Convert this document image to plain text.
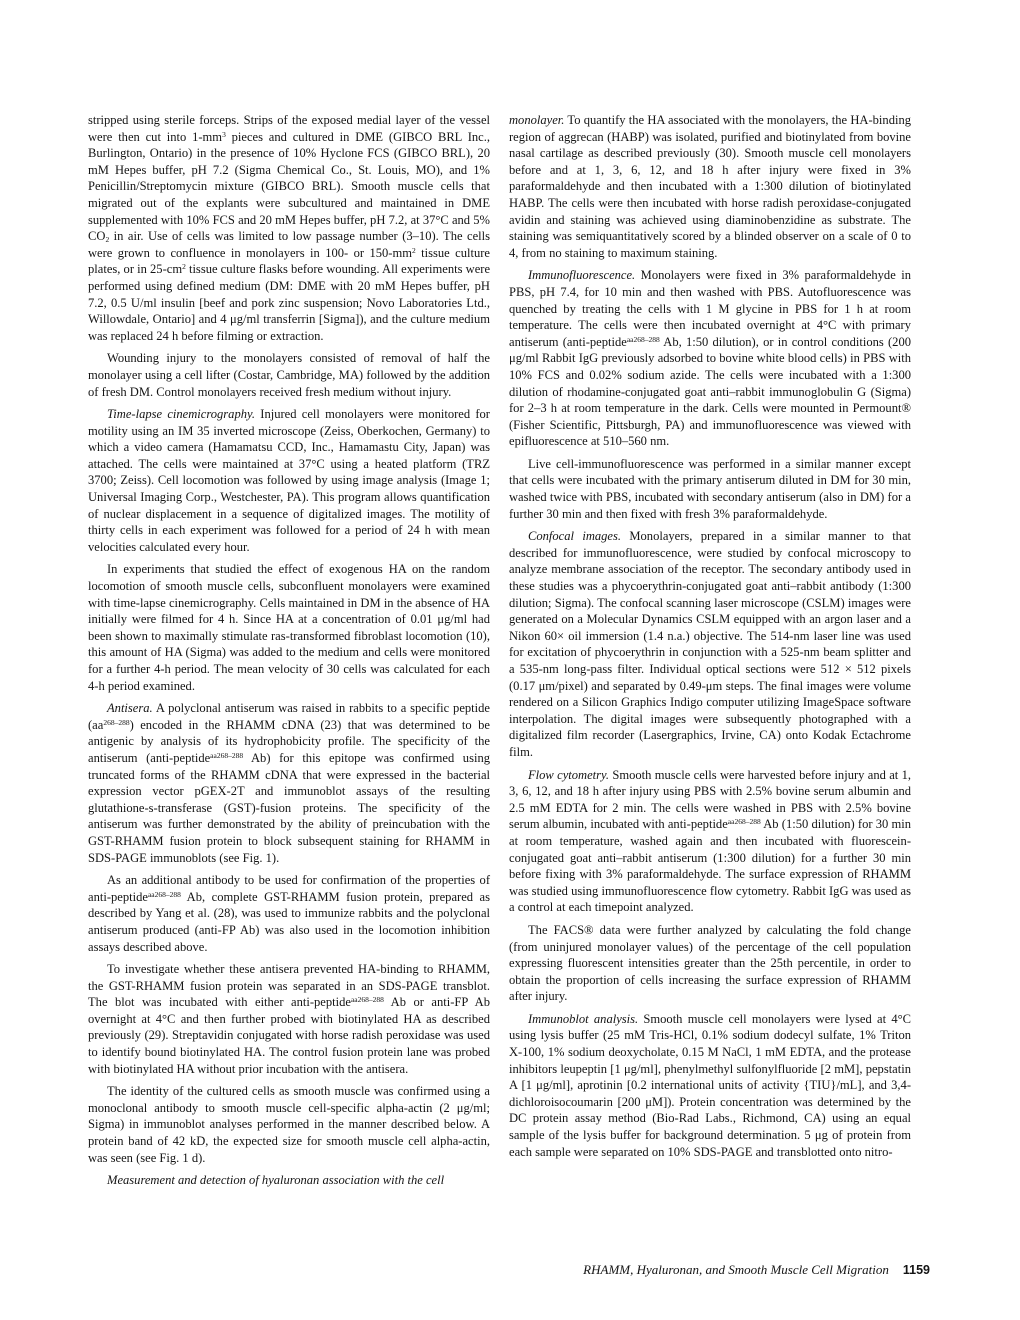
stripped using sterile forceps. Strips of the exposed medial layer of the vessel were then cut into $1-mm^3$ pieces and cultured in DME (GIBCO BRL Inc., Burlington, Ontario) in the presence of 10% Hyclone FCS (GIBCO BRL), 20 mM Hepes buffer, pH 7.2 (Sigma Chemical Co., St. Louis, MO), and 1% Penicillin/Streptomycin mixture (GIBCO BRL). Smooth muscle cells that migrated out of the explants were subcultured and maintained in DME supplemented with 10% FCS and 20 mM Hepes buffer, pH 7.2, at 37°C and 5% $CO_2$ in air. Use of cells was limited to low passage number (3–10). The cells were grown to confluence in monolayers in 100- or $150-mm^2$ tissue culture plates, or in $25-cm^2$ tissue culture flasks before wounding. All experiments were performed using defined medium (DM: DME with 20 mM Hepes buffer, pH 7.2, 0.5 U/ml insulin [beef and pork zinc suspension; Novo Laboratories Ltd., Willowdale, Ontario] and 4 μg/ml transferrin [Sigma]), and the culture medium was replaced 24 h before filming or extraction.

Wounding injury to the monolayers consisted of removal of half the monolayer using a cell lifter (Costar, Cambridge, MA) followed by the addition of fresh DM. Control monolayers received fresh medium without injury.

Time-lapse cinemicrography. Injured cell monolayers were monitored for motility using an IM 35 inverted microscope (Zeiss, Oberkochen, Germany) to which a video camera (Hamamatsu CCD, Inc., Hamamastu City, Japan) was attached. The cells were maintained at 37°C using a heated platform (TRZ 3700; Zeiss). Cell locomotion was followed by using image analysis (Image 1; Universal Imaging Corp., Westchester, PA). This program allows quantification of nuclear displacement in a sequence of digitalized images. The motility of thirty cells in each experiment was followed for a period of 24 h with mean velocities calculated every hour.

In experiments that studied the effect of exogenous HA on the random locomotion of smooth muscle cells, subconfluent monolayers were examined with time-lapse cinemicrography. Cells maintained in DM in the absence of HA initially were filmed for 4 h. Since HA at a concentration of 0.01 μg/ml had been shown to maximally stimulate ras-transformed fibroblast locomotion (10), this amount of HA (Sigma) was added to the medium and cells were monitored for a further 4-h period. The mean velocity of 30 cells was calculated for each 4-h period examined.

Antisera. A polyclonal antiserum was raised in rabbits to a specific peptide $(aa^{268-288})$ encoded in the RHAMM cDNA (23) that was determined to be antigenic by analysis of its hydrophobicity profile. The specificity of the antiserum (anti-peptide$^{aa268-288}$ Ab) for this epitope was confirmed using truncated forms of the RHAMM cDNA that were expressed in the bacterial expression vector pGEX-2T and immunoblot assays of the resulting glutathione-s-transferase (GST)-fusion proteins. The specificity of the antiserum was further demonstrated by the ability of preincubation with the GST-RHAMM fusion protein to block subsequent staining for RHAMM in SDS-PAGE immunoblots (see Fig. 1).

As an additional antibody to be used for confirmation of the properties of anti-peptide$^{aa268-288}$ Ab, complete GST-RHAMM fusion protein, prepared as described by Yang et al. (28), was used to immunize rabbits and the polyclonal antiserum produced (anti-FP Ab) was also used in the locomotion inhibition assays described above.

To investigate whether these antisera prevented HA-binding to RHAMM, the GST-RHAMM fusion protein was separated in an SDS-PAGE transblot. The blot was incubated with either anti-peptide$^{aa268-288}$ Ab or anti-FP Ab overnight at 4°C and then further probed with biotinylated HA as described previously (29). Streptavidin conjugated with horse radish peroxidase was used to identify bound biotinylated HA. The control fusion protein lane was probed with biotinylated HA without prior incubation with the antisera.

The identity of the cultured cells as smooth muscle was confirmed using a monoclonal antibody to smooth muscle cell-specific alpha-actin (2 μg/ml; Sigma) in immunoblot analyses performed in the manner described below. A protein band of 42 kD, the expected size for smooth muscle cell alpha-actin, was seen (see Fig. 1 d).

Measurement and detection of hyaluronan association with the cell

monolayer. To quantify the HA associated with the monolayers, the HA-binding region of aggrecan (HABP) was isolated, purified and biotinylated from bovine nasal cartilage as described previously (30). Smooth muscle cell monolayers before and at 1, 3, 6, 12, and 18 h after injury were fixed in 3% paraformaldehyde and then incubated with a 1:300 dilution of biotinylated HABP. The cells were then incubated with horse radish peroxidase-conjugated avidin and staining was achieved using diaminobenzidine as substrate. The staining was semiquantitatively scored by a blinded observer on a scale of 0 to 4, from no staining to maximum staining.

Immunofluorescence. Monolayers were fixed in 3% paraformaldehyde in PBS, pH 7.4, for 10 min and then washed with PBS. Autofluorescence was quenched by treating the cells with 1 M glycine in PBS for 1 h at room temperature. The cells were then incubated overnight at 4°C with primary antiserum (anti-peptide$^{aa268-288}$ Ab, 1:50 dilution), or in control conditions (200 μg/ml Rabbit IgG previously adsorbed to bovine white blood cells) in PBS with 10% FCS and 0.02% sodium azide. The cells were incubated with a 1:300 dilution of rhodamine-conjugated goat anti–rabbit immunoglobulin G (Sigma) for 2–3 h at room temperature in the dark. Cells were mounted in Permount® (Fisher Scientific, Pittsburgh, PA) and immunofluorescence was viewed with epifluorescence at 510–560 nm.

Live cell-immunofluorescence was performed in a similar manner except that cells were incubated with the primary antiserum diluted in DM for 30 min, washed twice with PBS, incubated with secondary antiserum (also in DM) for a further 30 min and then fixed with fresh 3% paraformaldehyde.

Confocal images. Monolayers, prepared in a similar manner to that described for immunofluorescence, were studied by confocal microscopy to analyze membrane association of the receptor. The secondary antibody used in these studies was a phycoerythrin-conjugated goat anti–rabbit antibody (1:300 dilution; Sigma). The confocal scanning laser microscope (CSLM) images were generated on a Molecular Dynamics CSLM equipped with an argon laser and a Nikon 60× oil immersion (1.4 n.a.) objective. The 514-nm laser line was used for excitation of phycoerythrin in conjunction with a 525-nm beam splitter and a 535-nm long-pass filter. Individual optical sections were 512 × 512 pixels (0.17 μm/pixel) and separated by 0.49-μm steps. The final images were volume rendered on a Silicon Graphics Indigo computer utilizing ImageSpace software interpolation. The digital images were subsequently photographed with a digitalized film recorder (Lasergraphics, Irvine, CA) onto Kodak Ectachrome film.

Flow cytometry. Smooth muscle cells were harvested before injury and at 1, 3, 6, 12, and 18 h after injury using PBS with 2.5% bovine serum albumin and 2.5 mM EDTA for 2 min. The cells were washed in PBS with 2.5% bovine serum albumin, incubated with anti-peptide$^{aa268-288}$ Ab (1:50 dilution) for 30 min at room temperature, washed again and then incubated with fluorescein-conjugated goat anti–rabbit antiserum (1:300 dilution) for a further 30 min before fixing with 3% paraformaldehyde. The surface expression of RHAMM was studied using immunofluorescence flow cytometry. Rabbit IgG was used as a control at each timepoint analyzed.

The FACS® data were further analyzed by calculating the fold change (from uninjured monolayer values) of the percentage of the cell population expressing fluorescent intensities greater than the 25th percentile, in order to obtain the proportion of cells increasing the surface expression of RHAMM after injury.

Immunoblot analysis. Smooth muscle cell monolayers were lysed at 4°C using lysis buffer (25 mM Tris-HCl, 0.1% sodium dodecyl sulfate, 1% Triton X-100, 1% sodium deoxycholate, 0.15 M NaCl, 1 mM EDTA, and the protease inhibitors leupeptin [1 μg/ml], phenylmethyl sulfonylfluoride [2 mM], pepstatin A [1 μg/ml], aprotinin [0.2 international units of activity {TIU}/mL], and 3,4-dichloroisocoumarin [200 μM]). Protein concentration was determined by the DC protein assay method (Bio-Rad Labs., Richmond, CA) using an equal sample of the lysis buffer for background determination. 5 μg of protein from each sample were separated on 10% SDS-PAGE and transblotted onto nitro-

RHAMM, Hyaluronan, and Smooth Muscle Cell Migration 1159
